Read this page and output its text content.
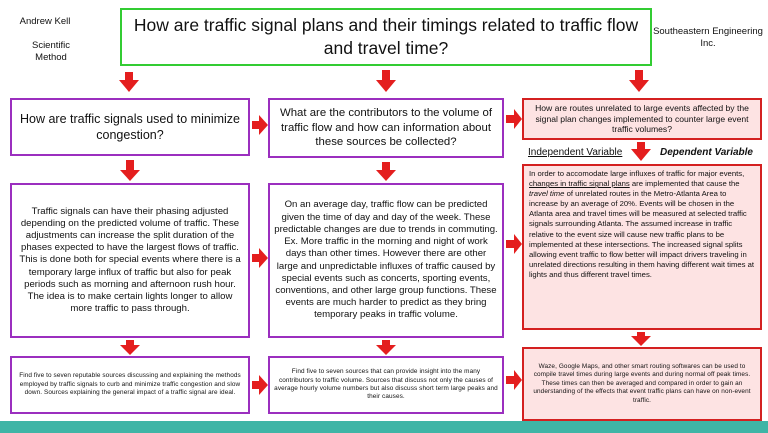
Andrew Kell
Scientific Method
Southeastern Engineering Inc.
How are traffic signal plans and their timings related to traffic flow and travel time?
How are traffic signals used to minimize congestion?
What are the contributors to the volume of traffic flow and how can information about these sources be collected?
How are routes unrelated to large events affected by the signal plan changes implemented to counter large event traffic volumes?
Independent Variable	Dependent Variable
Traffic signals can have their phasing adjusted depending on the predicted volume of traffic. These adjustments can increase the split duration of the phases expected to have the largest flows of traffic. This is done both for special events where there is a temporary large influx of traffic but also for peak periods such as morning and afternoon rush hour. The idea is to make certain lights longer to allow more traffic to pass through.
On an average day, traffic flow can be predicted given the time of day and day of the week. These predictable changes are due to trends in commuting. Ex. More traffic in the morning and night of work days than other times. However there are other large and unpredictable influxes of traffic caused by special events such as concerts, sporting events, conventions, and other large group functions. These events are much harder to predict as they bring temporary peaks in traffic volume.
In order to accomodate large influxes of traffic for major events, changes in traffic signal plans are implemented that cause the travel time of unrelated routes in the Metro-Atlanta Area to increase by an average of 20%. Events will be chosen in the Atlanta area and travel times will be measured at selected traffic signals surrounding Atlanta. The assumed increase in traffic relative to the event size will cause new traffic plans to be implemented at these intersections. The increased signal splits allowing event traffic to flow better will impact drivers traveling in unrelated directions resulting in them having different wait times at lights and thus different travel times.
Find five to seven reputable sources discussing and explaining the methods employed by traffic signals to curb and minimize traffic congestion and slow down. Sources explaining the general impact of a traffic signal are ideal.
Find five to seven sources that can provide insight into the many contributors to traffic volume. Sources that discuss not only the causes of average hourly volume numbers but also discuss short term large peaks and their causes.
Waze, Google Maps, and other smart routing softwares can be used to compile travel times during large events and during normal off peak times. These times can then be averaged and compared in order to gain an understanding of the effects that event traffic plans can have on non-event traffic.
